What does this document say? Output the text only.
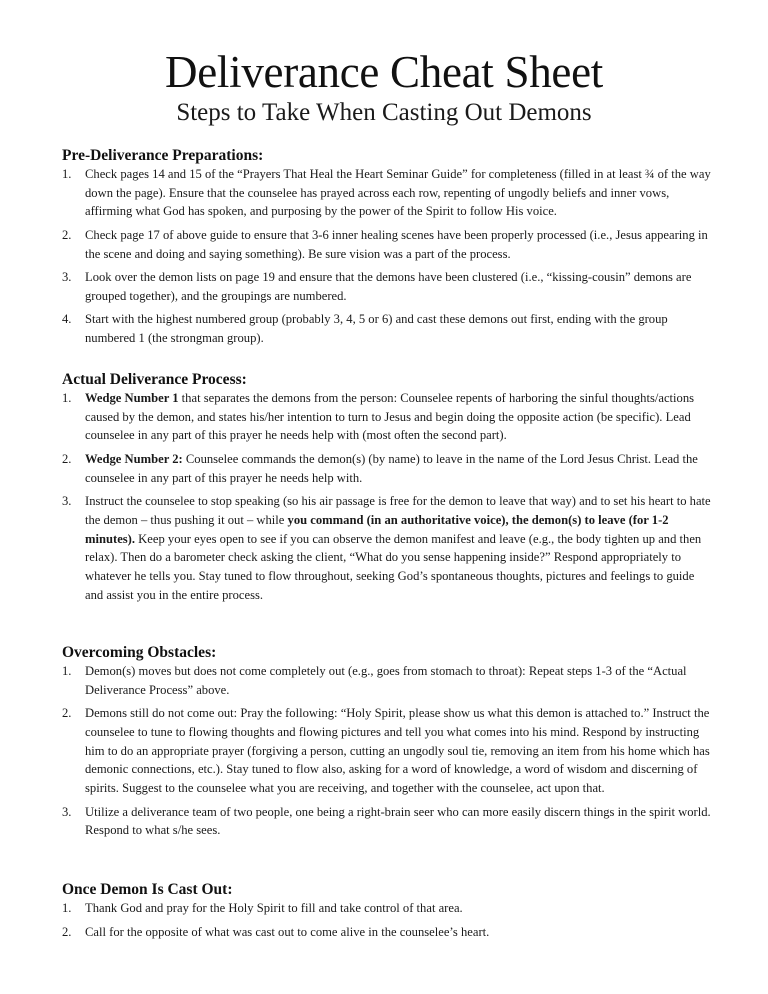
Deliverance Cheat Sheet
Steps to Take When Casting Out Demons
Pre-Deliverance Preparations:
1. Check pages 14 and 15 of the “Prayers That Heal the Heart Seminar Guide” for completeness (filled in at least ¾ of the way down the page). Ensure that the counselee has prayed across each row, repenting of ungodly beliefs and inner vows, affirming what God has spoken, and purposing by the power of the Spirit to follow His voice.
2. Check page 17 of above guide to ensure that 3-6 inner healing scenes have been properly processed (i.e., Jesus appearing in the scene and doing and saying something). Be sure vision was a part of the process.
3. Look over the demon lists on page 19 and ensure that the demons have been clustered (i.e., “kissing-cousin” demons are grouped together), and the groupings are numbered.
4. Start with the highest numbered group (probably 3, 4, 5 or 6) and cast these demons out first, ending with the group numbered 1 (the strongman group).
Actual Deliverance Process:
1. Wedge Number 1 that separates the demons from the person: Counselee repents of harboring the sinful thoughts/actions caused by the demon, and states his/her intention to turn to Jesus and begin doing the opposite action (be specific). Lead counselee in any part of this prayer he needs help with (most often the second part).
2. Wedge Number 2: Counselee commands the demon(s) (by name) to leave in the name of the Lord Jesus Christ. Lead the counselee in any part of this prayer he needs help with.
3. Instruct the counselee to stop speaking (so his air passage is free for the demon to leave that way) and to set his heart to hate the demon – thus pushing it out – while you command (in an authoritative voice), the demon(s) to leave (for 1-2 minutes). Keep your eyes open to see if you can observe the demon manifest and leave (e.g., the body tighten up and then relax). Then do a barometer check asking the client, “What do you sense happening inside?” Respond appropriately to whatever he tells you. Stay tuned to flow throughout, seeking God’s spontaneous thoughts, pictures and feelings to guide and assist you in the entire process.
Overcoming Obstacles:
1. Demon(s) moves but does not come completely out (e.g., goes from stomach to throat): Repeat steps 1-3 of the “Actual Deliverance Process” above.
2. Demons still do not come out: Pray the following: “Holy Spirit, please show us what this demon is attached to.” Instruct the counselee to tune to flowing thoughts and flowing pictures and tell you what comes into his mind. Respond by instructing him to do an appropriate prayer (forgiving a person, cutting an ungodly soul tie, removing an item from his home which has demonic connections, etc.). Stay tuned to flow also, asking for a word of knowledge, a word of wisdom and discerning of spirits. Suggest to the counselee what you are receiving, and together with the counselee, act upon that.
3. Utilize a deliverance team of two people, one being a right-brain seer who can more easily discern things in the spirit world. Respond to what s/he sees.
Once Demon Is Cast Out:
1. Thank God and pray for the Holy Spirit to fill and take control of that area.
2. Call for the opposite of what was cast out to come alive in the counselee’s heart.
